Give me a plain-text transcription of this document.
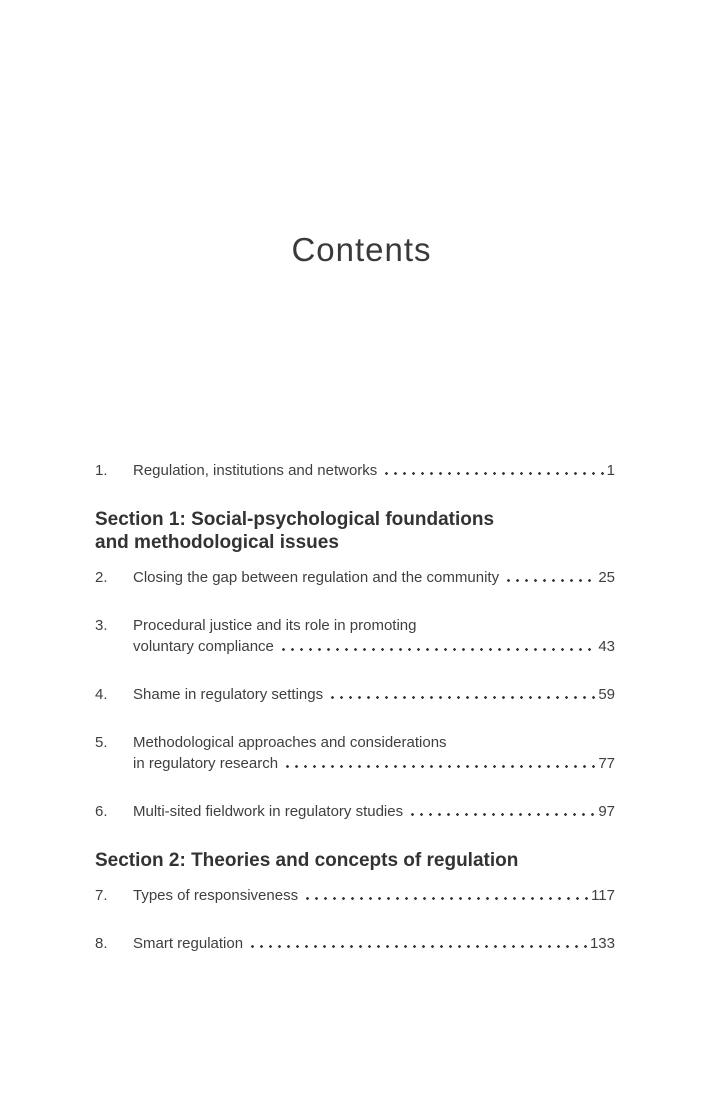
Contents
1.	Regulation, institutions and networks	1
Section 1: Social-psychological foundations
and methodological issues
2.	Closing the gap between regulation and the community	25
3.	Procedural justice and its role in promoting
voluntary compliance	43
4.	Shame in regulatory settings	59
5.	Methodological approaches and considerations
in regulatory research	77
6.	Multi-sited fieldwork in regulatory studies	97
Section 2: Theories and concepts of regulation
7.	Types of responsiveness	117
8.	Smart regulation	133
